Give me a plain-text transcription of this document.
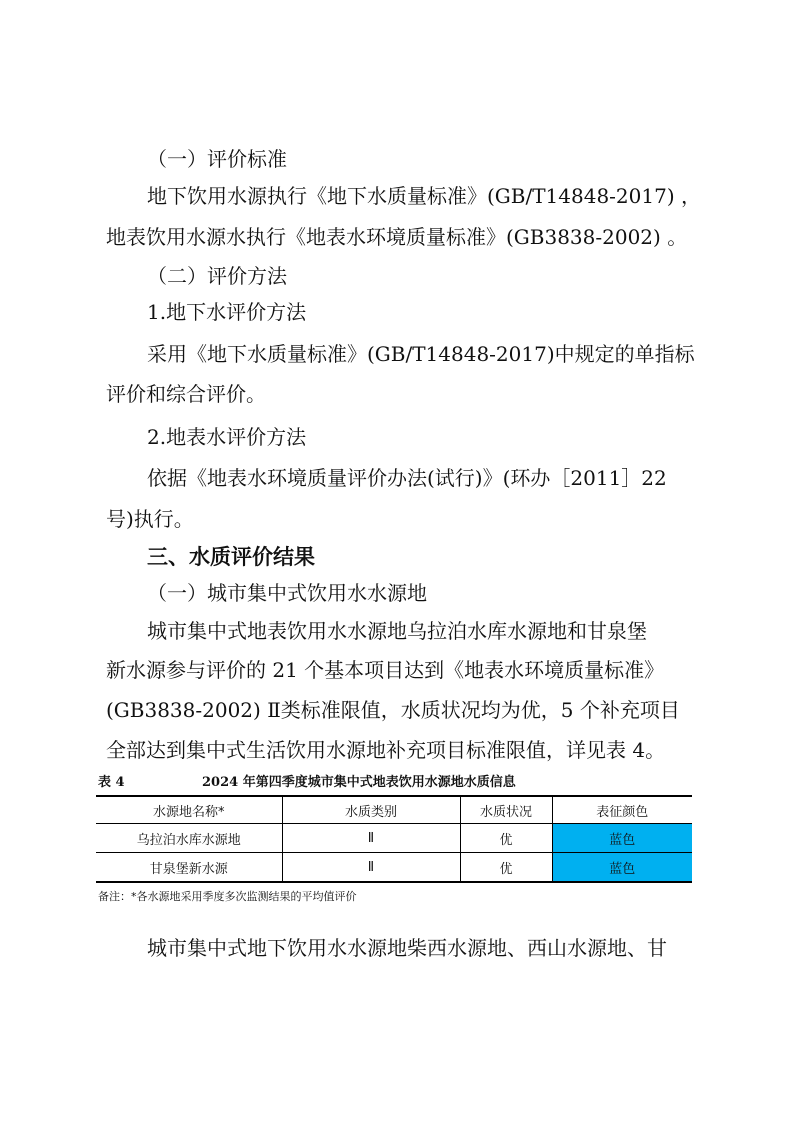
（一）评价标准
地下饮用水源执行《地下水质量标准》(GB/T14848-2017) ，
地表饮用水源水执行《地表水环境质量标准》(GB3838-2002) 。
（二）评价方法
1.地下水评价方法
采用《地下水质量标准》(GB/T14848-2017)中规定的单指标
评价和综合评价。
2.地表水评价方法
依据《地表水环境质量评价办法(试行)》(环办［2011］22
号)执行。
三、水质评价结果
（一）城市集中式饮用水水源地
城市集中式地表饮用水水源地乌拉泊水库水源地和甘泉堡
新水源参与评价的 21 个基本项目达到《地表水环境质量标准》
(GB3838-2002) Ⅱ类标准限值，水质状况均为优，5 个补充项目
全部达到集中式生活饮用水源地补充项目标准限值，详见表 4。
表 4	2024 年第四季度城市集中式地表饮用水源地水质信息
水源地名称*	水质类别	水质状况	表征颜色
乌拉泊水库水源地	Ⅱ	优	蓝色
甘泉堡新水源	Ⅱ	优	蓝色
备注：*各水源地采用季度多次监测结果的平均值评价
城市集中式地下饮用水水源地柴西水源地、西山水源地、甘
